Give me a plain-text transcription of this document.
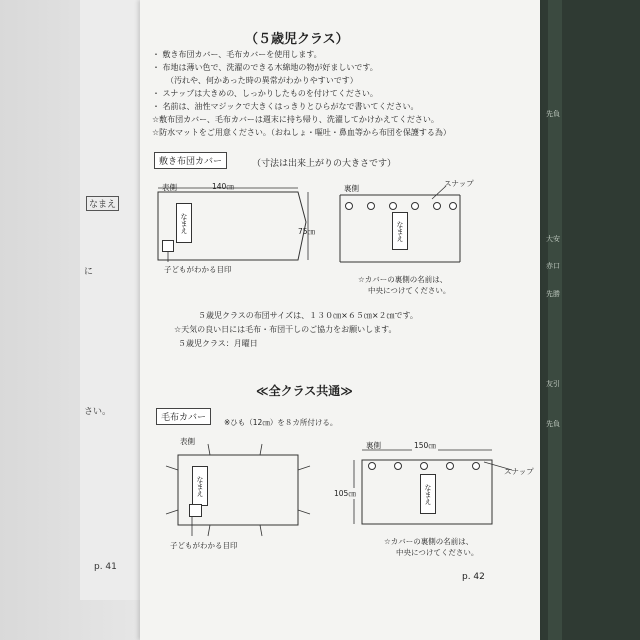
先負
大安
赤口
先勝
友引
先負
なまえ
に
さい。
p. 41
（５歳児クラス）
・ 敷き布団カバー、毛布カバーを使用します。
・ 布地は薄い色で、洗濯のできる木綿地の物が好ましいです。
（汚れや、何かあった時の異常がわかりやすいです）
・ スナップは大きめの、しっかりしたものを付けてください。
・ 名前は、油性マジックで大きくはっきりとひらがなで書いてください。
☆敷布団カバー、毛布カバーは週末に持ち帰り、洗濯してかけかえてください。
☆防水マットをご用意ください。（おねしょ・嘔吐・鼻血等から布団を保護する為）
敷き布団カバー	（寸法は出来上がりの大きさです）
表側	140㎝
75㎝
なまえ
子どもがわかる目印
裏側
スナップ
なまえ
☆カバーの裏側の名前は、
中央につけてください。
５歳児クラスの布団サイズは、１３０㎝×６５㎝×２㎝です。
☆天気の良い日には毛布・布団干しのご協力をお願いします。
５歳児クラス：月曜日
≪全クラス共通≫
毛布カバー	※ひも（12㎝）を８カ所付ける。
表側
なまえ
子どもがわかる目印
裏側	150㎝
105㎝
スナップ
なまえ
☆カバーの裏側の名前は、
中央につけてください。
p. 42
